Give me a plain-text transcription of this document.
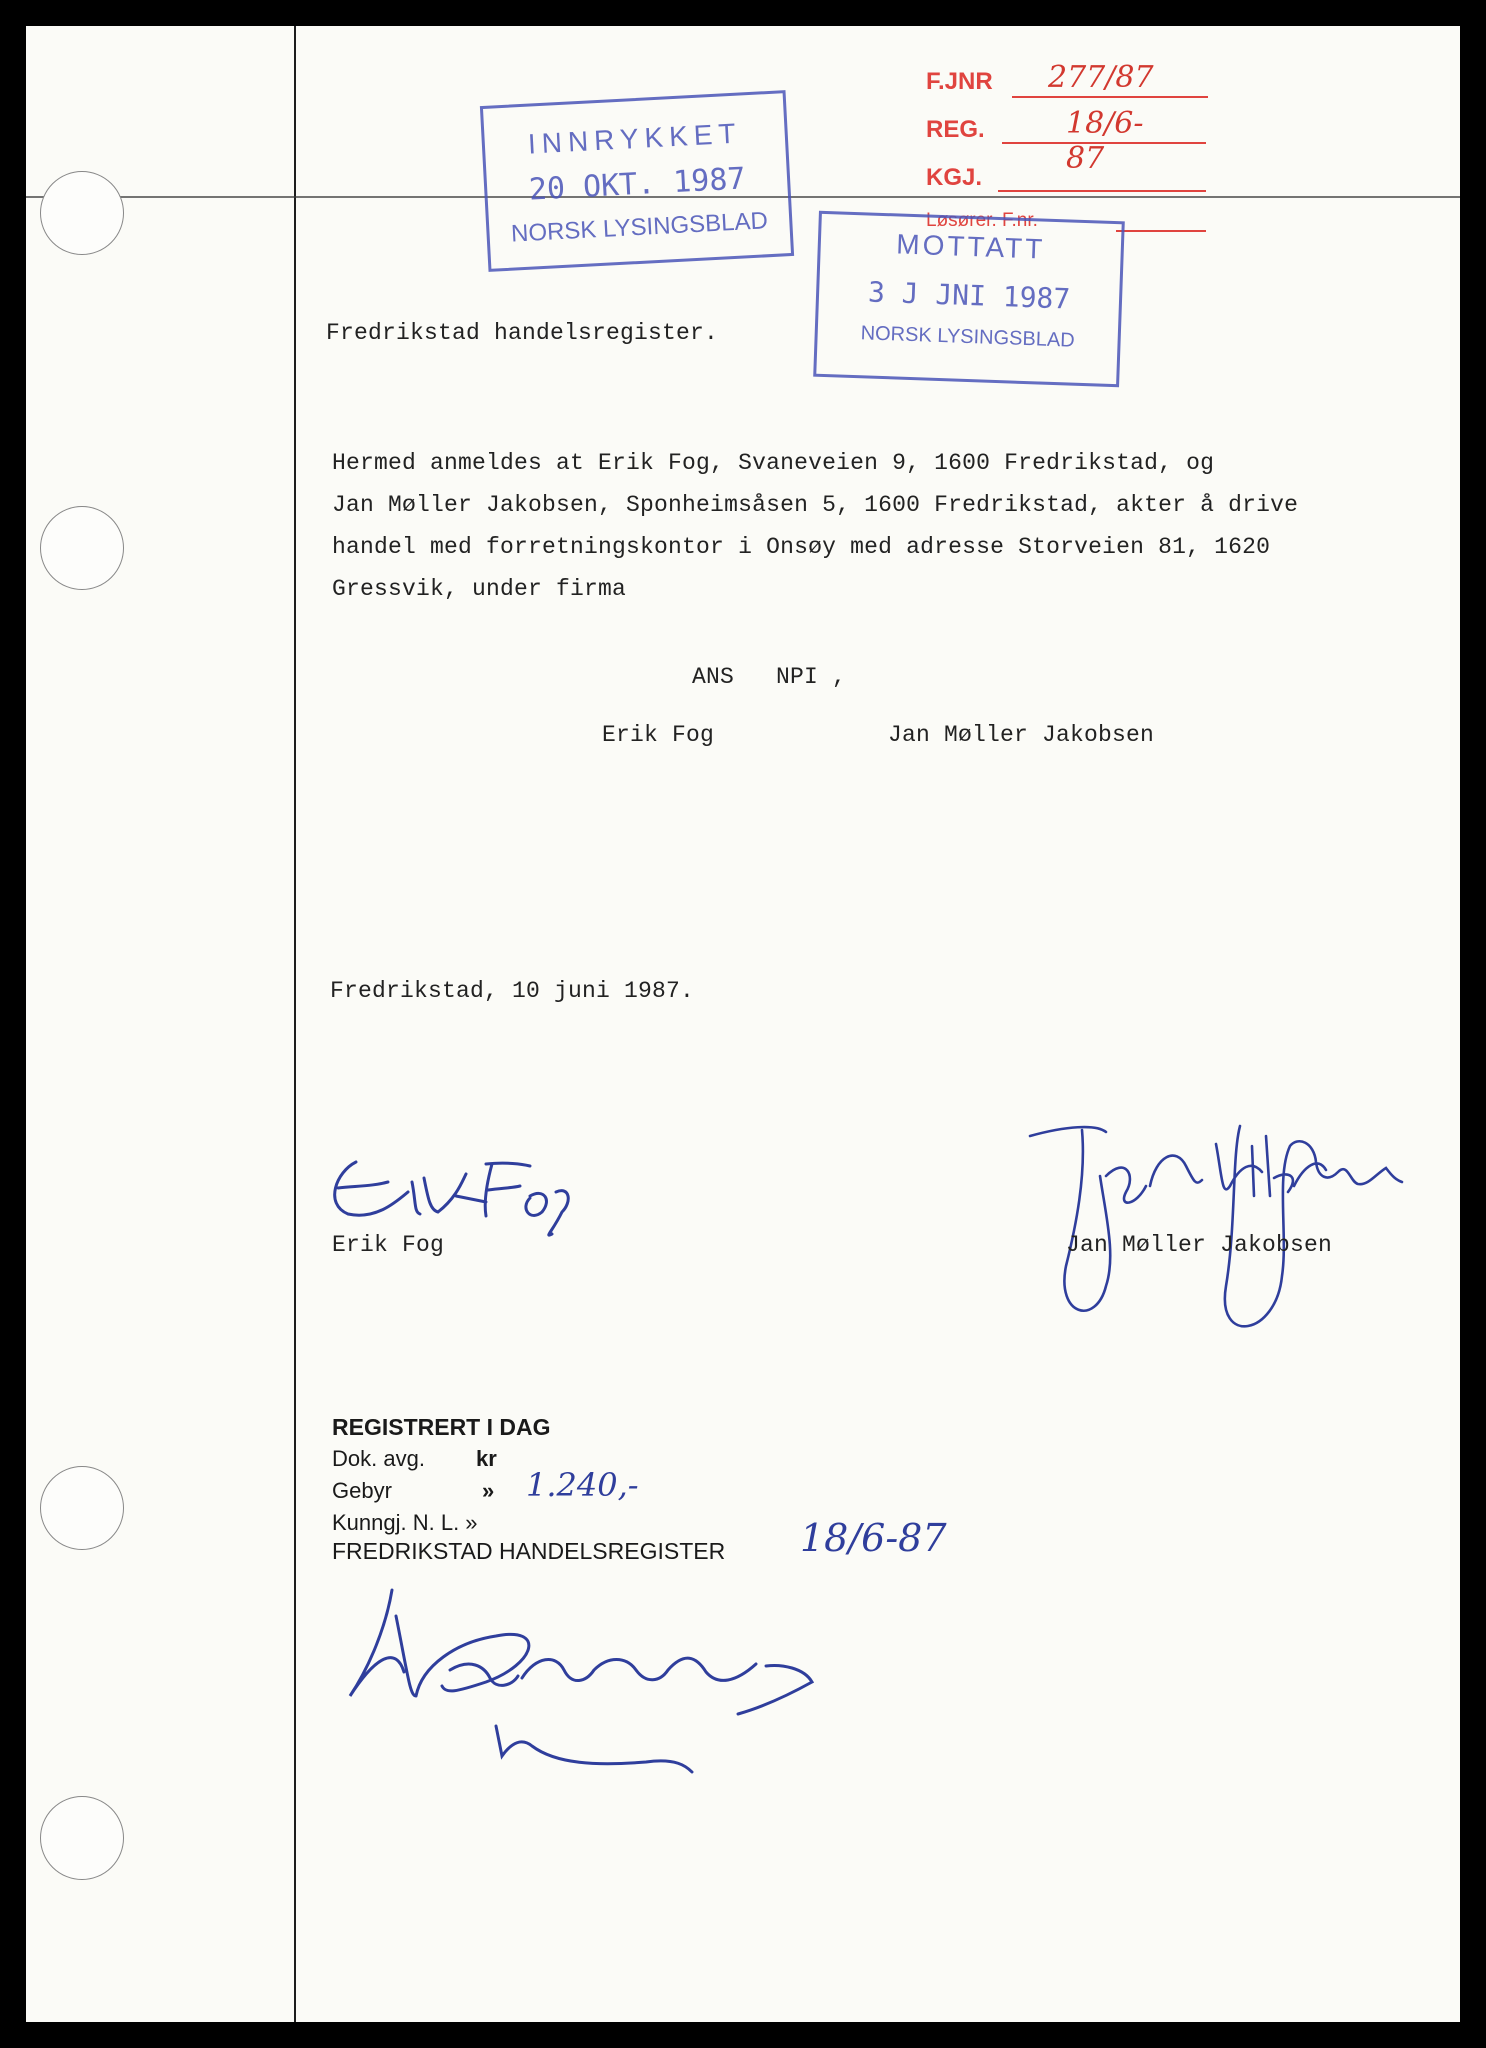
F.JNR 277/87
REG.	18/6-87
KGJ.
Løsører. F.nr.
INNRYKKET
20 OKT. 1987
NORSK LYSINGSBLAD	MOTTATT
3 J JNI 1987
NORSK LYSINGSBLAD
Fredrikstad handelsregister.
Hermed anmeldes at Erik Fog, Svaneveien 9, 1600 Fredrikstad, og
Jan Møller Jakobsen, Sponheimsåsen 5, 1600 Fredrikstad, akter å drive
handel med forretningskontor i Onsøy med adresse Storveien 81, 1620
Gressvik, under firma
ANS   NPI ,
Erik Fog	Jan Møller Jakobsen
Fredrikstad, 10 juni 1987.
Erik Fog	Jan Møller Jakobsen
REGISTRERT I DAG
Dok. avg. kr
Gebyr	» 1.240,-
Kunngj. N. L. »
FREDRIKSTAD HANDELSREGISTER 18/6-87
